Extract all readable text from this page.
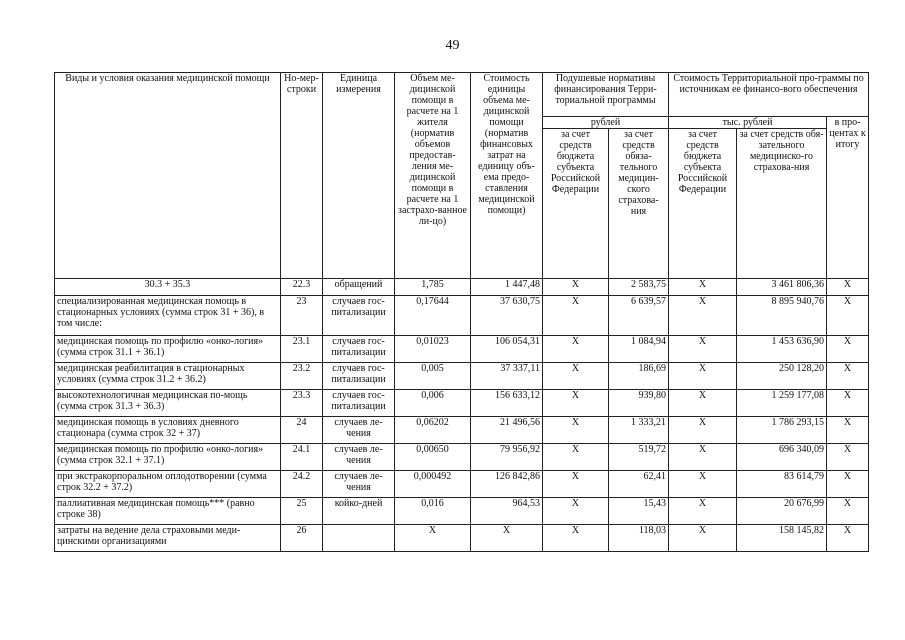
49
Виды и условия оказания медицинской помощи	Но-мер-строки	Единица измерения	Объем ме-дицинской помощи в расчете на 1 жителя (норматив объемов предостав-ления ме-дицинской помощи в расчете на 1 застрахо-ванное ли-цо)	Стоимость единицы объема ме-дицинской помощи (норматив финансовых затрат на единицу объ-ема предо-ставления медицинской помощи)	Подушевые нормативы финансирования Терри-ториальной программы		Стоимость Территориальной про-граммы по источникам ее финансо-вого обеспечения		
					рублей		тыс. рублей		в про-центах к итогу
					за счет средств бюджета субъекта Российской Федерации	за счет средств обяза-тельного медицин-ского страхова-ния	за счет средств бюджета субъекта Российской Федерации	за счет средств обя-зательного медицинско-го страхова-ния	
30.3 + 35.3	22.3	обращений	1,785	1 447,48	X	2 583,75	X	3 461 806,36	X
специализированная медицинская помощь в стационарных условиях (сумма строк 31 + 36), в том числе:	23	случаев гос-питализации	0,17644	37 630,75	X	6 639,57	X	8 895 940,76	X
медицинская помощь по профилю «онко-логия» (сумма строк 31.1 + 36.1)	23.1	случаев гос-питализации	0,01023	106 054,31	X	1 084,94	X	1 453 636,90	X
медицинская реабилитация в стационарных условиях (сумма строк 31.2 + 36.2)	23.2	случаев гос-питализации	0,005	37 337,11	X	186,69	X	250 128,20	X
высокотехнологичная медицинская по-мощь (сумма строк 31.3 + 36.3)	23.3	случаев гос-питализации	0,006	156 633,12	X	939,80	X	1 259 177,08	X
медицинская помощь в условиях дневного стационара (сумма строк 32 + 37)	24	случаев ле-чения	0,06202	21 496,56	X	1 333,21	X	1 786 293,15	X
медицинская помощь по профилю «онко-логия» (сумма строк 32.1 + 37.1)	24.1	случаев ле-чения	0,00650	79 956,92	X	519,72	X	696 340,09	X
при экстракорпоральном оплодотворении (сумма строк 32.2 + 37.2)	24.2	случаев ле-чения	0,000492	126 842,86	X	62,41	X	83 614,79	X
паллиативная медицинская помощь*** (равно строке 38)	25	койко-дней	0,016	964,53	X	15,43	X	20 676,99	X
затраты на ведение дела страховыми меди-цинскими организациями	26		X	X	X	118,03	X	158 145,82	X
